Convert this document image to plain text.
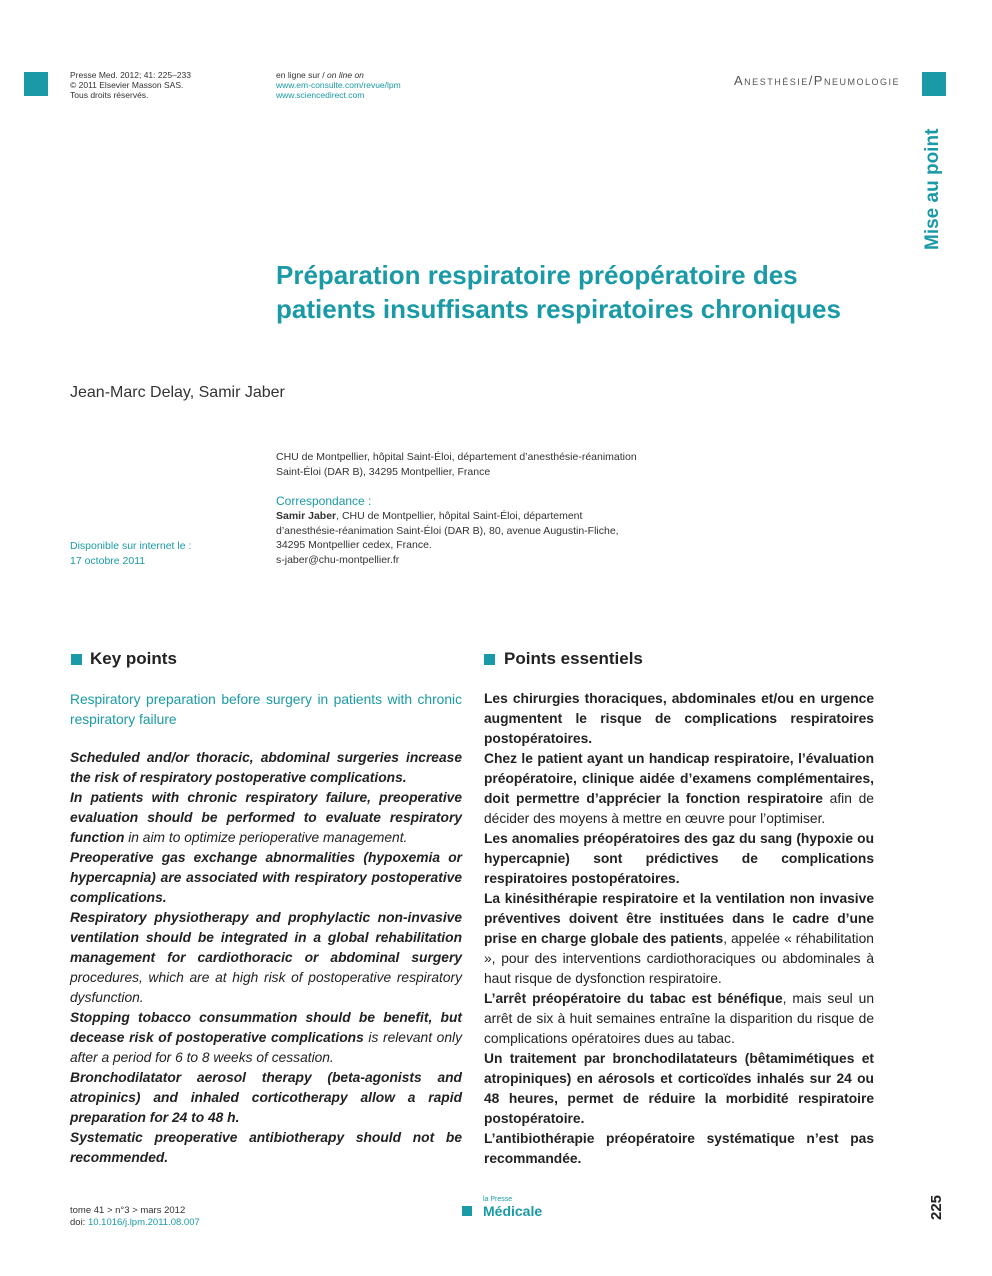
Presse Med. 2012; 41: 225–233
© 2011 Elsevier Masson SAS.
Tous droits réservés.
en ligne sur / on line on
www.em-consulte.com/revue/lpm
www.sciencedirect.com
Anesthésie/Pneumologie
Mise au point
Préparation respiratoire préopératoire des
patients insuffisants respiratoires chroniques
Jean-Marc Delay, Samir Jaber
CHU de Montpellier, hôpital Saint-Éloi, département d’anesthésie-réanimation
Saint-Éloi (DAR B), 34295 Montpellier, France
Correspondance :
Samir Jaber, CHU de Montpellier, hôpital Saint-Éloi, département
d’anesthésie-réanimation Saint-Éloi (DAR B), 80, avenue Augustin-Fliche,
34295 Montpellier cedex, France.
s-jaber@chu-montpellier.fr
Disponible sur internet le :
17 octobre 2011
Key points

Respiratory preparation before surgery in patients with chronic respiratory failure

Scheduled and/or thoracic, abdominal surgeries increase the risk of respiratory postoperative complications.

In patients with chronic respiratory failure, preoperative evaluation should be performed to evaluate respiratory function in aim to optimize perioperative management.

Preoperative gas exchange abnormalities (hypoxemia or hypercapnia) are associated with respiratory postoperative complications.

Respiratory physiotherapy and prophylactic non-invasive ventilation should be integrated in a global rehabilitation management for cardiothoracic or abdominal surgery procedures, which are at high risk of postoperative respiratory dysfunction.

Stopping tobacco consummation should be benefit, but decease risk of postoperative complications is relevant only after a period for 6 to 8 weeks of cessation.

Bronchodilatator aerosol therapy (beta-agonists and atropinics) and inhaled corticotherapy allow a rapid preparation for 24 to 48 h.

Systematic preoperative antibiotherapy should not be recommended.

Points essentiels

Les chirurgies thoraciques, abdominales et/ou en urgence augmentent le risque de complications respiratoires postopératoires.

Chez le patient ayant un handicap respiratoire, l’évaluation préopératoire, clinique aidée d’examens complémentaires, doit permettre d’apprécier la fonction respiratoire afin de décider des moyens à mettre en œuvre pour l’optimiser.

Les anomalies préopératoires des gaz du sang (hypoxie ou hypercapnie) sont prédictives de complications respiratoires postopératoires.

La kinésithérapie respiratoire et la ventilation non invasive préventives doivent être instituées dans le cadre d’une prise en charge globale des patients, appelée « réhabilitation », pour des interventions cardiothoraciques ou abdominales à haut risque de dysfonction respiratoire.

L’arrêt préopératoire du tabac est bénéfique, mais seul un arrêt de six à huit semaines entraîne la disparition du risque de complications opératoires dues au tabac.

Un traitement par bronchodilatateurs (bêtamimétiques et atropiniques) en aérosols et corticoïdes inhalés sur 24 ou 48 heures, permet de réduire la morbidité respiratoire postopératoire.

L’antibiothérapie préopératoire systématique n’est pas recommandée.

tome 41 > n°3 > mars 2012
doi: 10.1016/j.lpm.2011.08.007
la Presse
Médicale	225
